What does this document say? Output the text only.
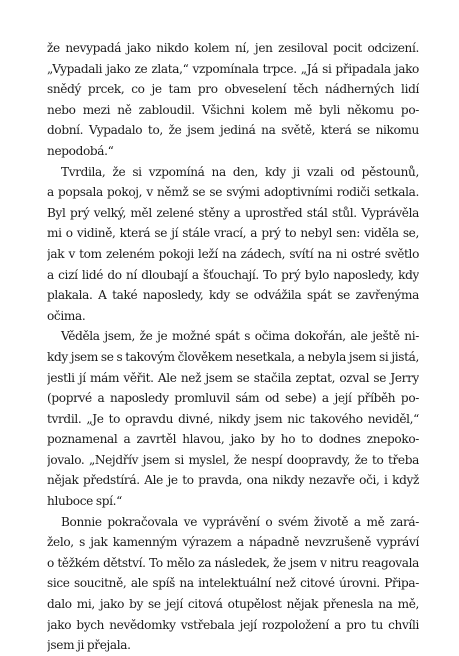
že nevypadá jako nikdo kolem ní, jen zesiloval pocit odcizení.
„Vypadali jako ze zlata,“ vzpomínala trpce. „Já si připadala jako
snědý prcek, co je tam pro obveselení těch nádherných lidí
nebo mezi ně zabloudil. Všichni kolem mě byli někomu po-
dobní. Vypadalo to, že jsem jediná na světě, která se nikomu
nepodobá.“
Tvrdila, že si vzpomíná na den, kdy ji vzali od pěstounů,
a popsala pokoj, v němž se se svými adoptivními rodiči setkala.
Byl prý velký, měl zelené stěny a uprostřed stál stůl. Vyprávěla
mi o vidině, která se jí stále vrací, a prý to nebyl sen: viděla se,
jak v tom zeleném pokoji leží na zádech, svítí na ni ostré světlo
a cizí lidé do ní dloubají a šťouchají. To prý bylo naposledy, kdy
plakala. A také naposledy, kdy se odvážila spát se zavřenýma
očima.
Věděla jsem, že je možné spát s očima dokořán, ale ještě ni-
kdy jsem se s takovým člověkem nesetkala, a nebyla jsem si jistá,
jestli jí mám věřit. Ale než jsem se stačila zeptat, ozval se Jerry
(poprvé a naposledy promluvil sám od sebe) a její příběh po-
tvrdil. „Je to opravdu divné, nikdy jsem nic takového neviděl,“
poznamenal a zavrtěl hlavou, jako by ho to dodnes znepoko-
jovalo. „Nejdřív jsem si myslel, že nespí doopravdy, že to třeba
nějak předstírá. Ale je to pravda, ona nikdy nezavře oči, i když
hluboce spí.“
Bonnie pokračovala ve vyprávění o svém životě a mě zará-
želo, s jak kamenným výrazem a nápadně nevzrušeně vypráví
o těžkém dětství. To mělo za následek, že jsem v nitru reagovala
sice soucitně, ale spíš na intelektuální než citové úrovni. Připa-
dalo mi, jako by se její citová otupělost nějak přenesla na mě,
jako bych nevědomky vstřebala její rozpoložení a pro tu chvíli
jsem ji přejala.
